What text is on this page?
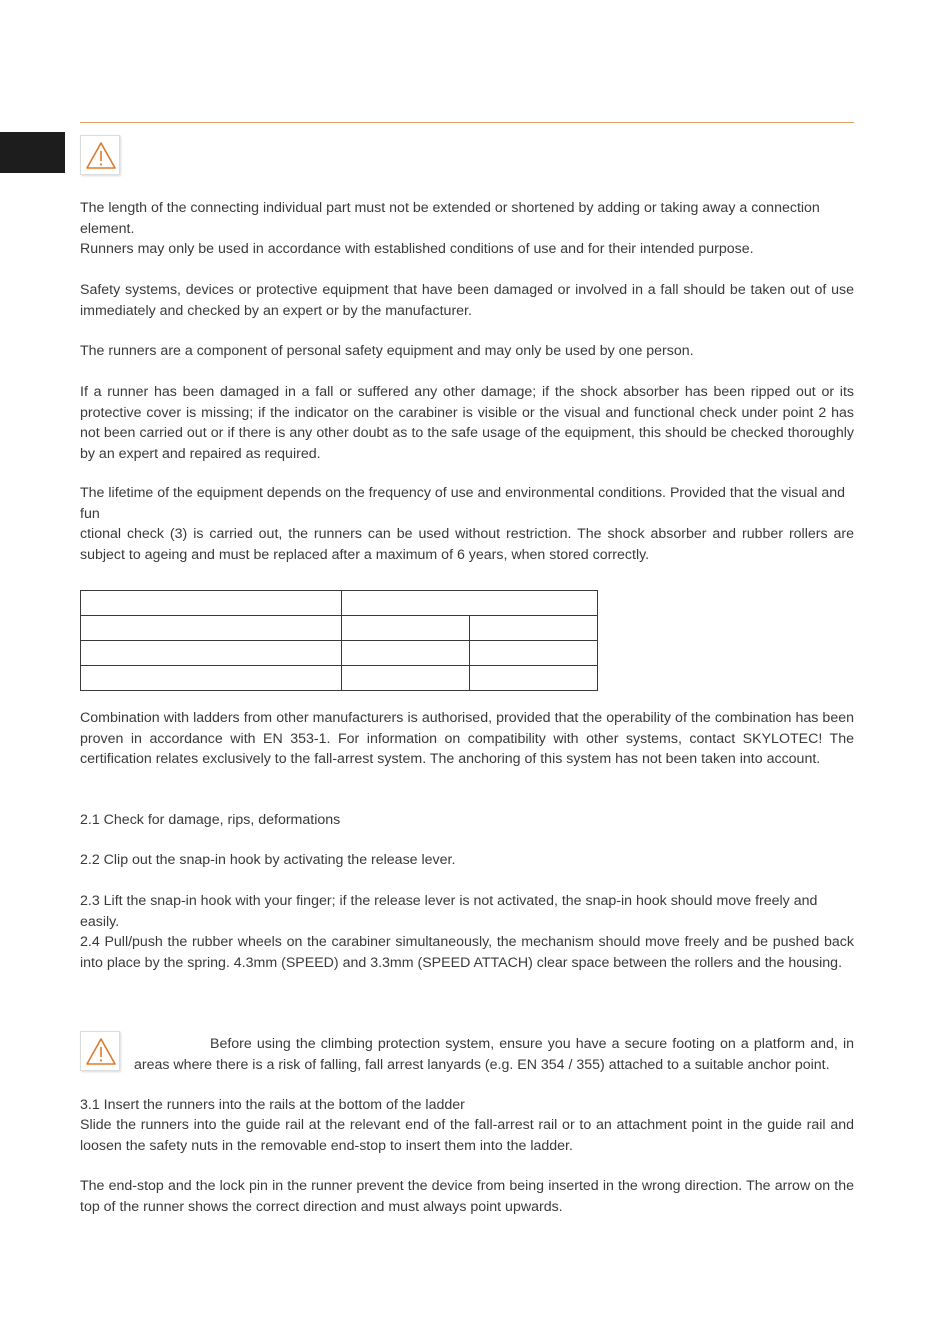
The length of the connecting individual part must not be extended or shortened by adding or taking away a connection element.

Runners may only be used in accordance with established conditions of use and for their intended purpose.

Safety systems, devices or protective equipment that have been damaged or involved in a fall should be taken out of use immediately and checked by an expert or by the manufacturer.

The runners are a component of personal safety equipment and may only be used by one person.

If a runner has been damaged in a fall or suffered any other damage; if the shock absorber has been ripped out or its protective cover is missing; if the indicator on the carabiner is visible or the visual and functional check under point 2 has not been carried out or if there is any other doubt as to the safe usage of the equipment, this should be checked thoroughly by an expert and repaired as required.

The lifetime of the equipment depends on the frequency of use and environmental conditions. Provided that the visual and fun

ctional check (3) is carried out, the runners can be used without restriction. The shock absorber and rubber rollers are subject to ageing and must be replaced after a maximum of 6 years, when stored correctly.

Combination with ladders from other manufacturers is authorised, provided that the operability of the combination has been proven in accordance with EN 353-1. For information on compatibility with other systems, contact SKYLOTEC! The certification relates exclusively to the fall-arrest system. The anchoring of this system has not been taken into account.

2.1 Check for damage, rips, deformations

2.2 Clip out the snap-in hook by activating the release lever.

2.3 Lift the snap-in hook with your finger; if the release lever is not activated, the snap-in hook should move freely and easily.

2.4 Pull/push the rubber wheels on the carabiner simultaneously, the mechanism should move freely and be pushed back into place by the spring. 4.3mm (SPEED) and 3.3mm (SPEED ATTACH) clear space between the rollers and the housing.

Before using the climbing protection system, ensure you have a secure footing on a platform and, in areas where there is a risk of falling, fall arrest lanyards (e.g. EN 354 / 355) attached to a suitable anchor point.

3.1 Insert the runners into the rails at the bottom of the ladder

Slide the runners into the guide rail at the relevant end of the fall-arrest rail or to an attachment point in the guide rail and loosen the safety nuts in the removable end-stop to insert them into the ladder.

The end-stop and the lock pin in the runner prevent the device from being inserted in the wrong direction. The arrow on the top of the runner shows the correct direction and must always point upwards.
